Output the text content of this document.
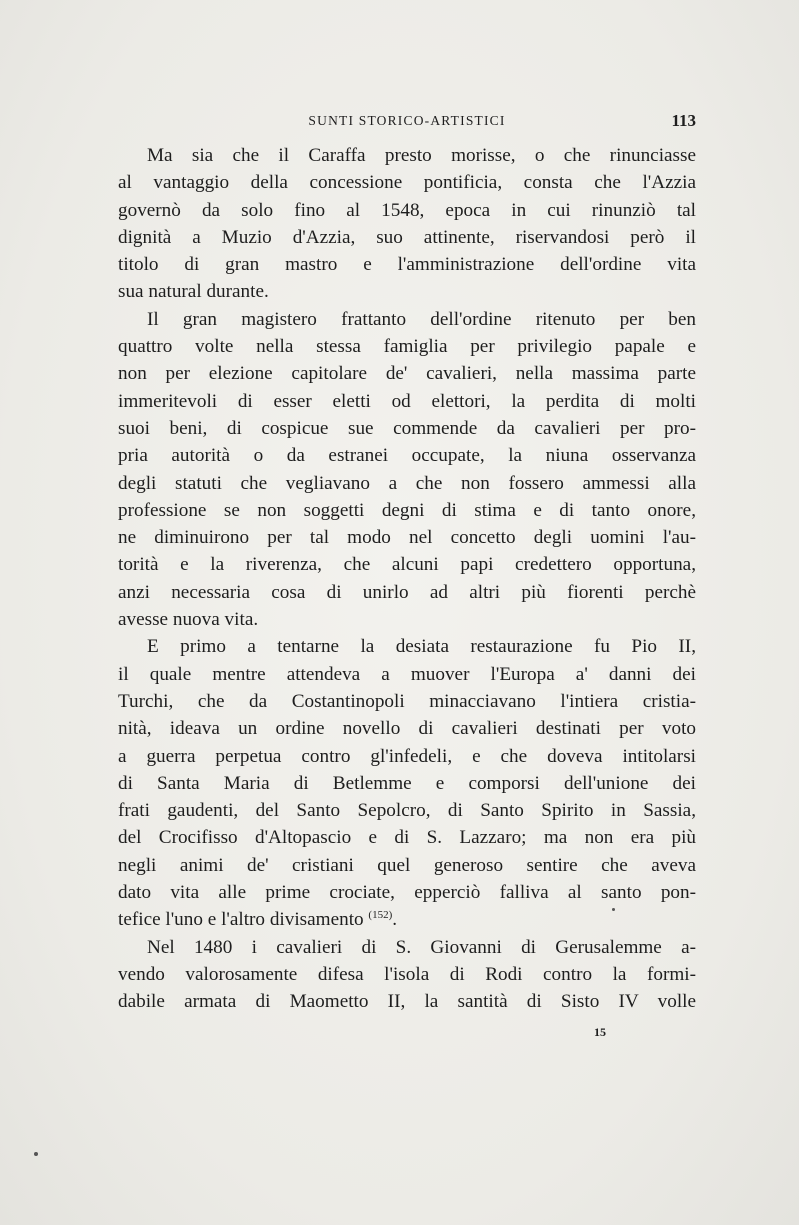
SUNTI STORICO-ARTISTICI	113
Ma sia che il Caraffa presto morisse, o che rinunciasse
al vantaggio della concessione pontificia, consta che l'Azzia
governò da solo fino al 1548, epoca in cui rinunziò tal
dignità a Muzio d'Azzia, suo attinente, riservandosi però il
titolo di gran mastro e l'amministrazione dell'ordine vita
sua natural durante.
Il gran magistero frattanto dell'ordine ritenuto per ben
quattro volte nella stessa famiglia per privilegio papale e
non per elezione capitolare de' cavalieri, nella massima parte
immeritevoli di esser eletti od elettori, la perdita di molti
suoi beni, di cospicue sue commende da cavalieri per pro-
pria autorità o da estranei occupate, la niuna osservanza
degli statuti che vegliavano a che non fossero ammessi alla
professione se non soggetti degni di stima e di tanto onore,
ne diminuirono per tal modo nel concetto degli uomini l'au-
torità e la riverenza, che alcuni papi credettero opportuna,
anzi necessaria cosa di unirlo ad altri più fiorenti perchè
avesse nuova vita.
E primo a tentarne la desiata restaurazione fu Pio II,
il quale mentre attendeva a muover l'Europa a' danni dei
Turchi, che da Costantinopoli minacciavano l'intiera cristia-
nità, ideava un ordine novello di cavalieri destinati per voto
a guerra perpetua contro gl'infedeli, e che doveva intitolarsi
di Santa Maria di Betlemme e comporsi dell'unione dei
frati gaudenti, del Santo Sepolcro, di Santo Spirito in Sassia,
del Crocifisso d'Altopascio e di S. Lazzaro; ma non era più
negli animi de' cristiani quel generoso sentire che aveva
dato vita alle prime crociate, epperciò falliva al santo pon-
tefice l'uno e l'altro divisamento $^{(152)}$.
Nel 1480 i cavalieri di S. Giovanni di Gerusalemme a-
vendo valorosamente difesa l'isola di Rodi contro la formi-
dabile armata di Maometto II, la santità di Sisto IV volle
15
